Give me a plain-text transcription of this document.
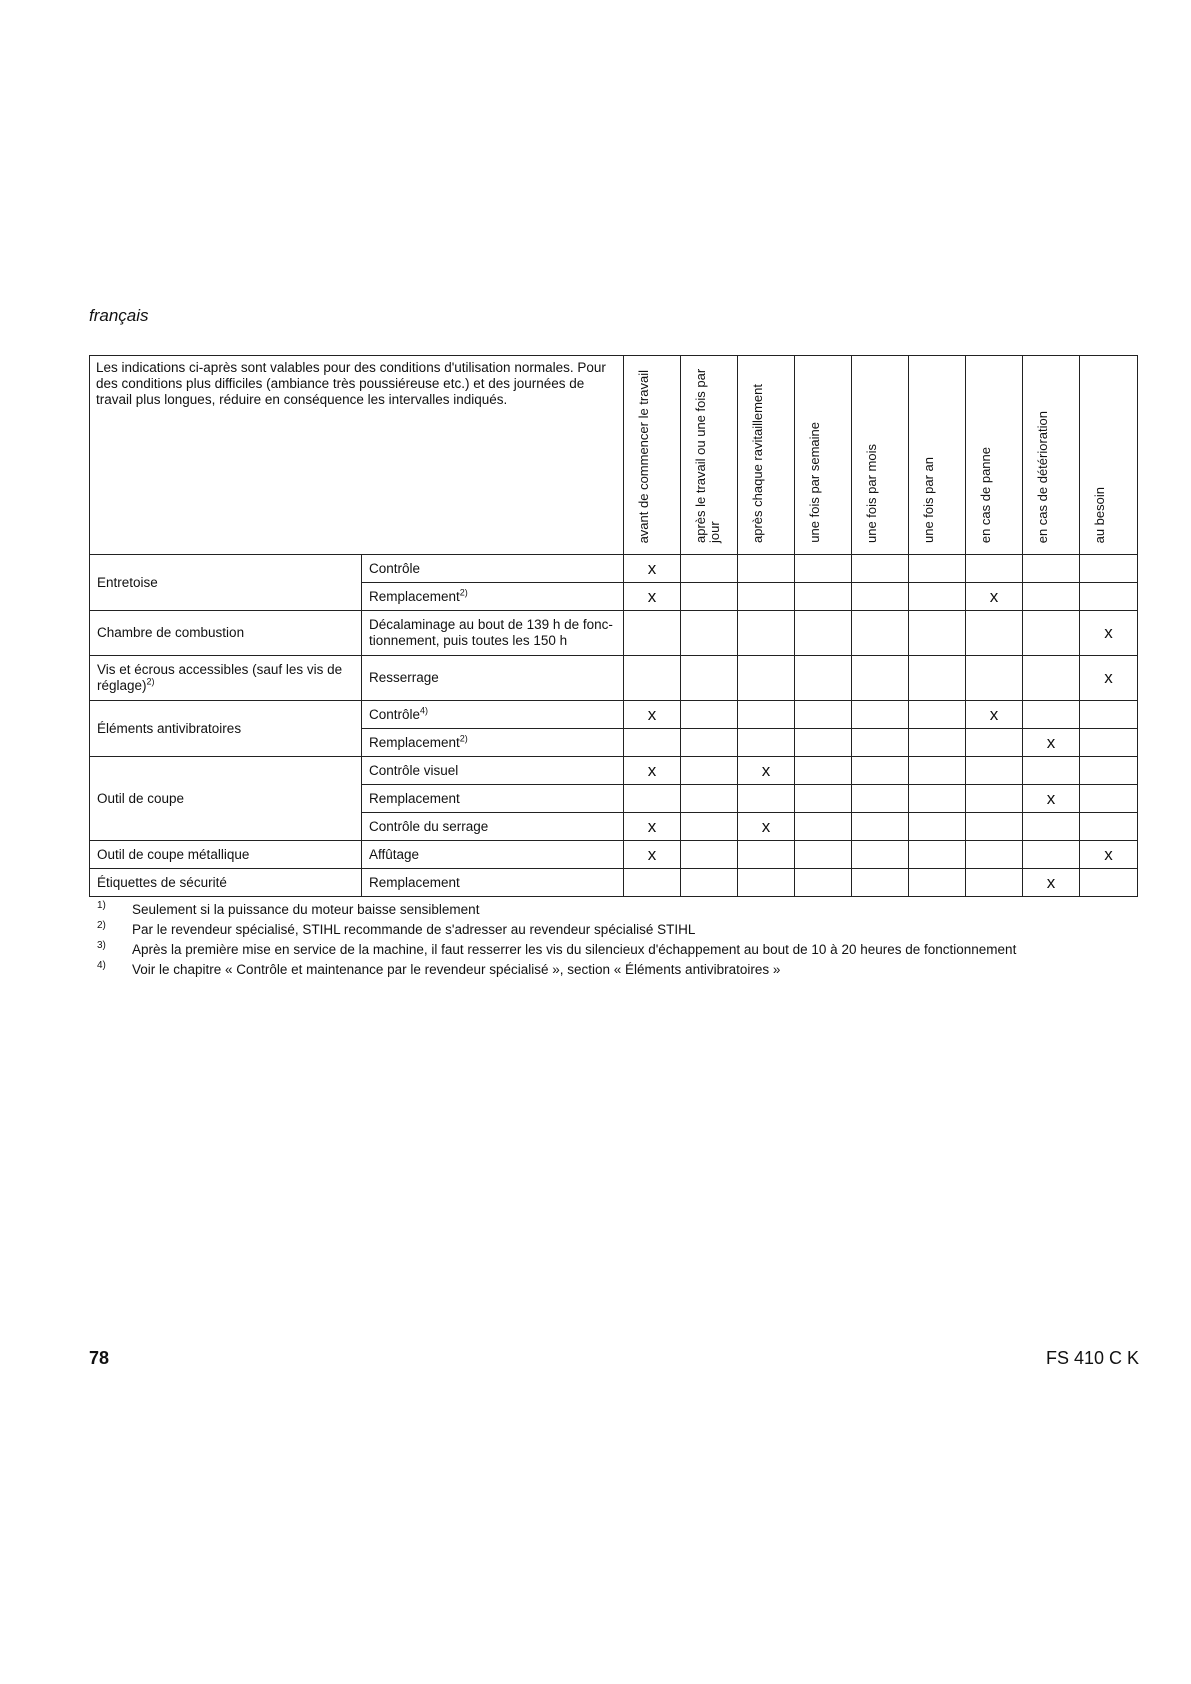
français
Les indications ci-après sont valables pour des conditions d'utilisation normales. Pour des conditions plus difficiles (ambiance très poussiéreuse etc.) et des journées de travail plus longues, réduire en conséquence les intervalles indiqués.		avant de commencer le travail	après le travail ou une fois par jour	après chaque ravitaillement	une fois par semaine	une fois par mois	une fois par an	en cas de panne	en cas de détérioration	au besoin
Entretoise	Contrôle	x								
	Remplacement$^{2)}$	x						x		
Chambre de combustion	Décalaminage au bout de 139 h de fonc-tionnement, puis toutes les 150 h									x
Vis et écrous accessibles (sauf les vis de réglage)$^{2)}$	Resserrage									x
Éléments antivibratoires	Contrôle$^{4)}$	x						x		
	Remplacement$^{2)}$								x	
Outil de coupe	Contrôle visuel	x		x						
	Remplacement								x	
	Contrôle du serrage	x		x						
Outil de coupe métallique	Affûtage	x								x
Étiquettes de sécurité	Remplacement								x	
1) Seulement si la puissance du moteur baisse sensiblement
2) Par le revendeur spécialisé, STIHL recommande de s'adresser au revendeur spécialisé STIHL
3) Après la première mise en service de la machine, il faut resserrer les vis du silencieux d'échappement au bout de 10 à 20 heures de fonctionnement
4) Voir le chapitre « Contrôle et maintenance par le revendeur spécialisé », section « Éléments antivibratoires »
78	FS 410 C K
